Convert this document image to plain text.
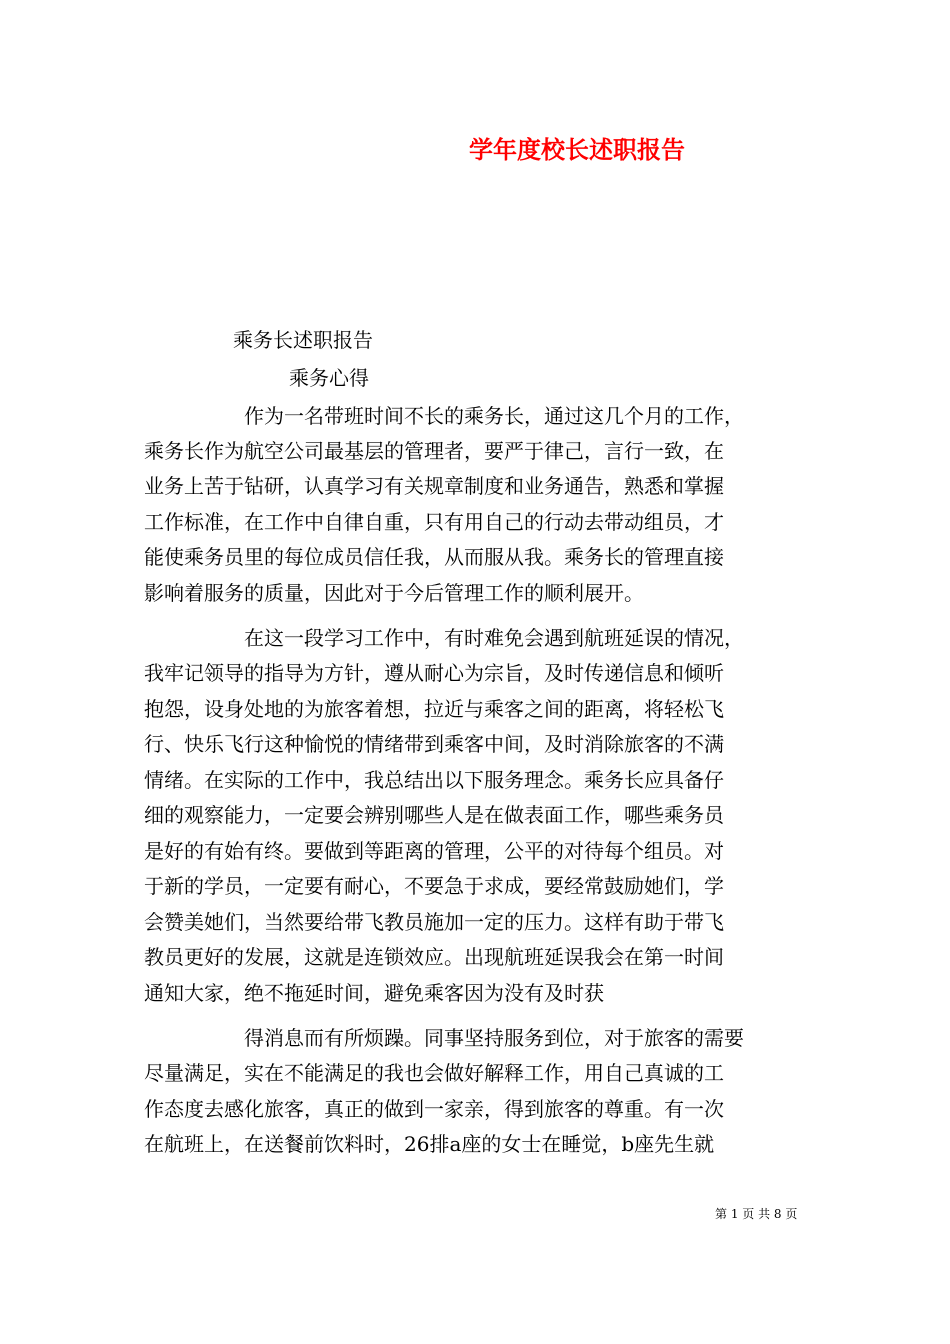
学年度校长述职报告

乘务长述职报告

乘务心得

作为一名带班时间不长的乘务长，通过这几个月的工作，

乘务长作为航空公司最基层的管理者，要严于律己，言行一致，在

业务上苦于钻研，认真学习有关规章制度和业务通告，熟悉和掌握

工作标准，在工作中自律自重，只有用自己的行动去带动组员，才

能使乘务员里的每位成员信任我，从而服从我。乘务长的管理直接

影响着服务的质量，因此对于今后管理工作的顺利展开。

在这一段学习工作中，有时难免会遇到航班延误的情况，

我牢记领导的指导为方针，遵从耐心为宗旨，及时传递信息和倾听

抱怨，设身处地的为旅客着想，拉近与乘客之间的距离，将轻松飞

行、快乐飞行这种愉悦的情绪带到乘客中间，及时消除旅客的不满

情绪。在实际的工作中，我总结出以下服务理念。乘务长应具备仔

细的观察能力，一定要会辨别哪些人是在做表面工作，哪些乘务员

是好的有始有终。要做到等距离的管理，公平的对待每个组员。对

于新的学员，一定要有耐心，不要急于求成，要经常鼓励她们，学

会赞美她们，当然要给带飞教员施加一定的压力。这样有助于带飞

教员更好的发展，这就是连锁效应。出现航班延误我会在第一时间

通知大家，绝不拖延时间，避免乘客因为没有及时获

得消息而有所烦躁。同事坚持服务到位，对于旅客的需要

尽量满足，实在不能满足的我也会做好解释工作，用自己真诚的工

作态度去感化旅客，真正的做到一家亲，得到旅客的尊重。有一次

在航班上，在送餐前饮料时，26排a座的女士在睡觉，b座先生就

第 1 页 共 8 页
